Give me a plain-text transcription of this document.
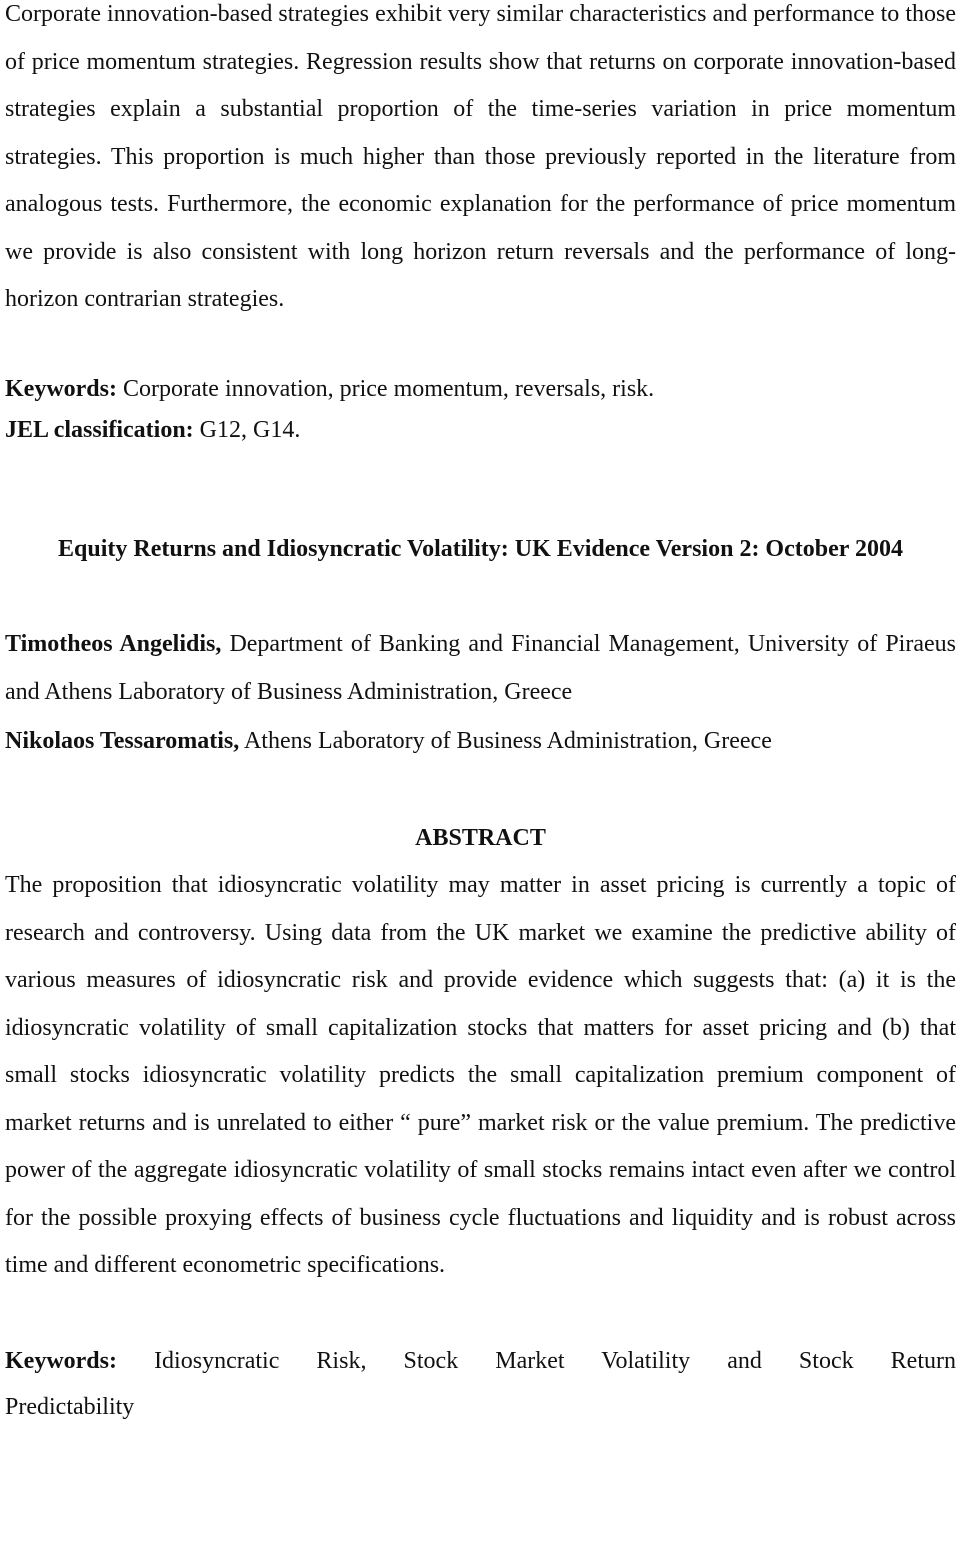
Corporate innovation-based strategies exhibit very similar characteristics and performance to those of price momentum strategies. Regression results show that returns on corporate innovation-based strategies explain a substantial proportion of the time-series variation in price momentum strategies. This proportion is much higher than those previously reported in the literature from analogous tests. Furthermore, the economic explanation for the performance of price momentum we provide is also consistent with long horizon return reversals and the performance of long-horizon contrarian strategies.

Keywords: Corporate innovation, price momentum, reversals, risk.

JEL classification: G12, G14.

Equity Returns and Idiosyncratic Volatility: UK Evidence Version 2: October 2004
Timotheos Angelidis, Department of Banking and Financial Management, University of Piraeus and Athens Laboratory of Business Administration, Greece
Nikolaos Tessaromatis, Athens Laboratory of Business Administration, Greece
ABSTRACT

The proposition that idiosyncratic volatility may matter in asset pricing is currently a topic of research and controversy. Using data from the UK market we examine the predictive ability of various measures of idiosyncratic risk and provide evidence which suggests that: (a) it is the idiosyncratic volatility of small capitalization stocks that matters for asset pricing and (b) that small stocks idiosyncratic volatility predicts the small capitalization premium component of market returns and is unrelated to either “ pure” market risk or the value premium. The predictive power of the aggregate idiosyncratic volatility of small stocks remains intact even after we control for the possible proxying effects of business cycle fluctuations and liquidity and is robust across time and different econometric specifications.

Keywords: Idiosyncratic Risk, Stock Market Volatility and Stock Return
Predictability
